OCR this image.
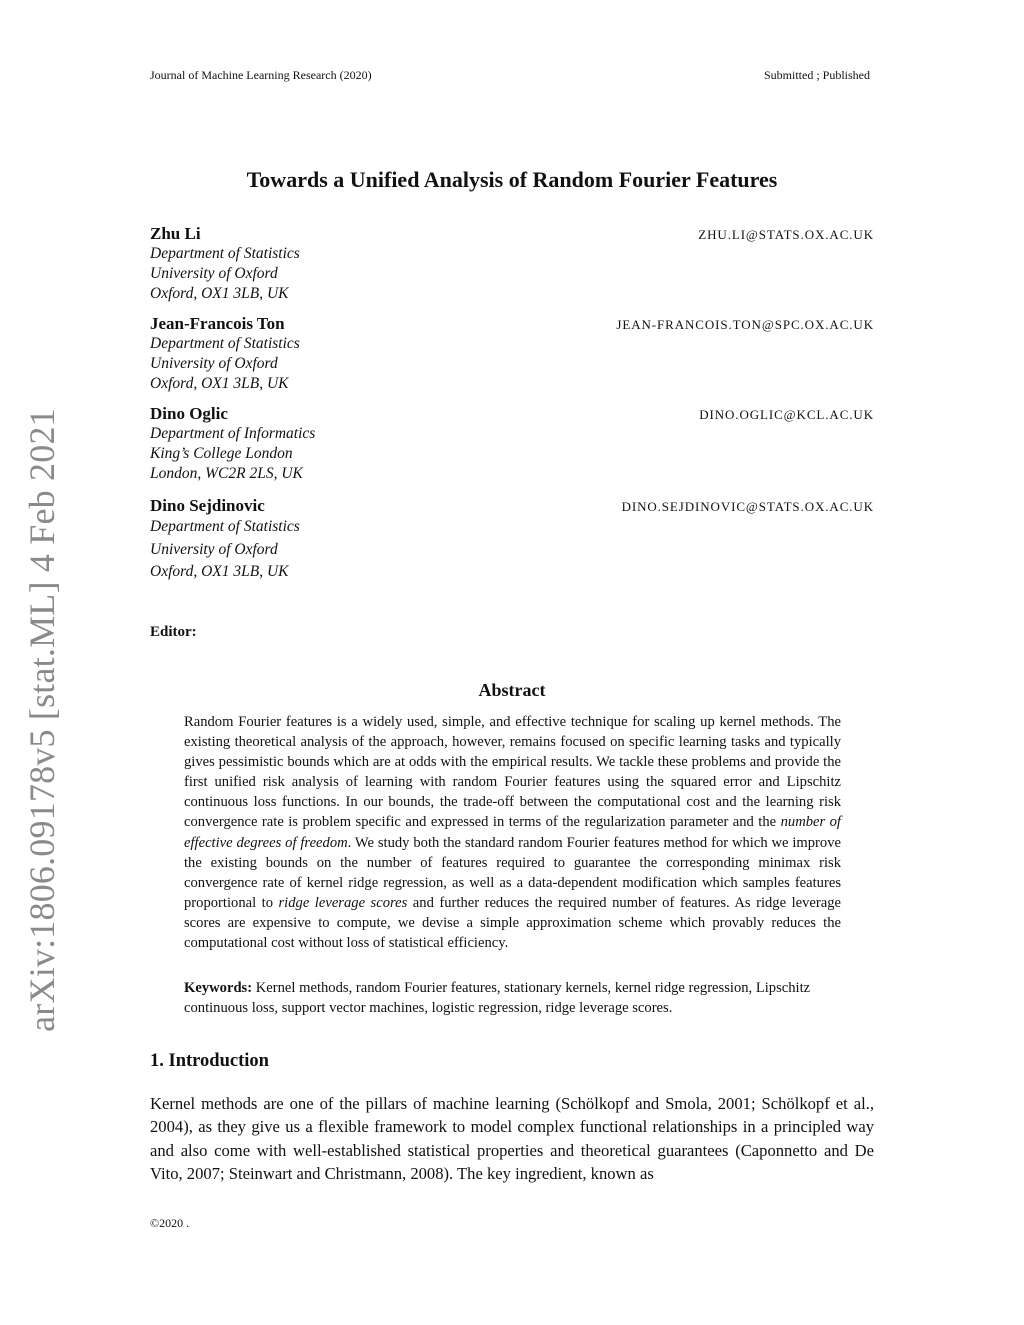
Journal of Machine Learning Research (2020)	Submitted ; Published
Towards a Unified Analysis of Random Fourier Features
Zhu Li	ZHU.LI@STATS.OX.AC.UK
Department of Statistics
University of Oxford
Oxford, OX1 3LB, UK
Jean-Francois Ton	JEAN-FRANCOIS.TON@SPC.OX.AC.UK
Department of Statistics
University of Oxford
Oxford, OX1 3LB, UK
Dino Oglic	DINO.OGLIC@KCL.AC.UK
Department of Informatics
King’s College London
London, WC2R 2LS, UK
Dino Sejdinovic	DINO.SEJDINOVIC@STATS.OX.AC.UK
Department of Statistics
University of Oxford
Oxford, OX1 3LB, UK
Editor:
Abstract
Random Fourier features is a widely used, simple, and effective technique for scaling up kernel methods. The existing theoretical analysis of the approach, however, remains focused on specific learning tasks and typically gives pessimistic bounds which are at odds with the empirical results. We tackle these problems and provide the first unified risk analysis of learning with random Fourier features using the squared error and Lipschitz continuous loss functions. In our bounds, the trade-off between the computational cost and the learning risk convergence rate is problem specific and expressed in terms of the regularization parameter and the number of effective degrees of freedom. We study both the standard random Fourier features method for which we improve the existing bounds on the number of features required to guarantee the corresponding minimax risk convergence rate of kernel ridge regression, as well as a data-dependent modification which samples features proportional to ridge leverage scores and further reduces the required number of features. As ridge leverage scores are expensive to compute, we devise a simple approximation scheme which provably reduces the computational cost without loss of statistical efficiency.
Keywords: Kernel methods, random Fourier features, stationary kernels, kernel ridge regression, Lipschitz continuous loss, support vector machines, logistic regression, ridge leverage scores.
1. Introduction
Kernel methods are one of the pillars of machine learning (Schölkopf and Smola, 2001; Schölkopf et al., 2004), as they give us a flexible framework to model complex functional relationships in a principled way and also come with well-established statistical properties and theoretical guarantees (Caponnetto and De Vito, 2007; Steinwart and Christmann, 2008). The key ingredient, known as
©2020 .
arXiv:1806.09178v5 [stat.ML] 4 Feb 2021
